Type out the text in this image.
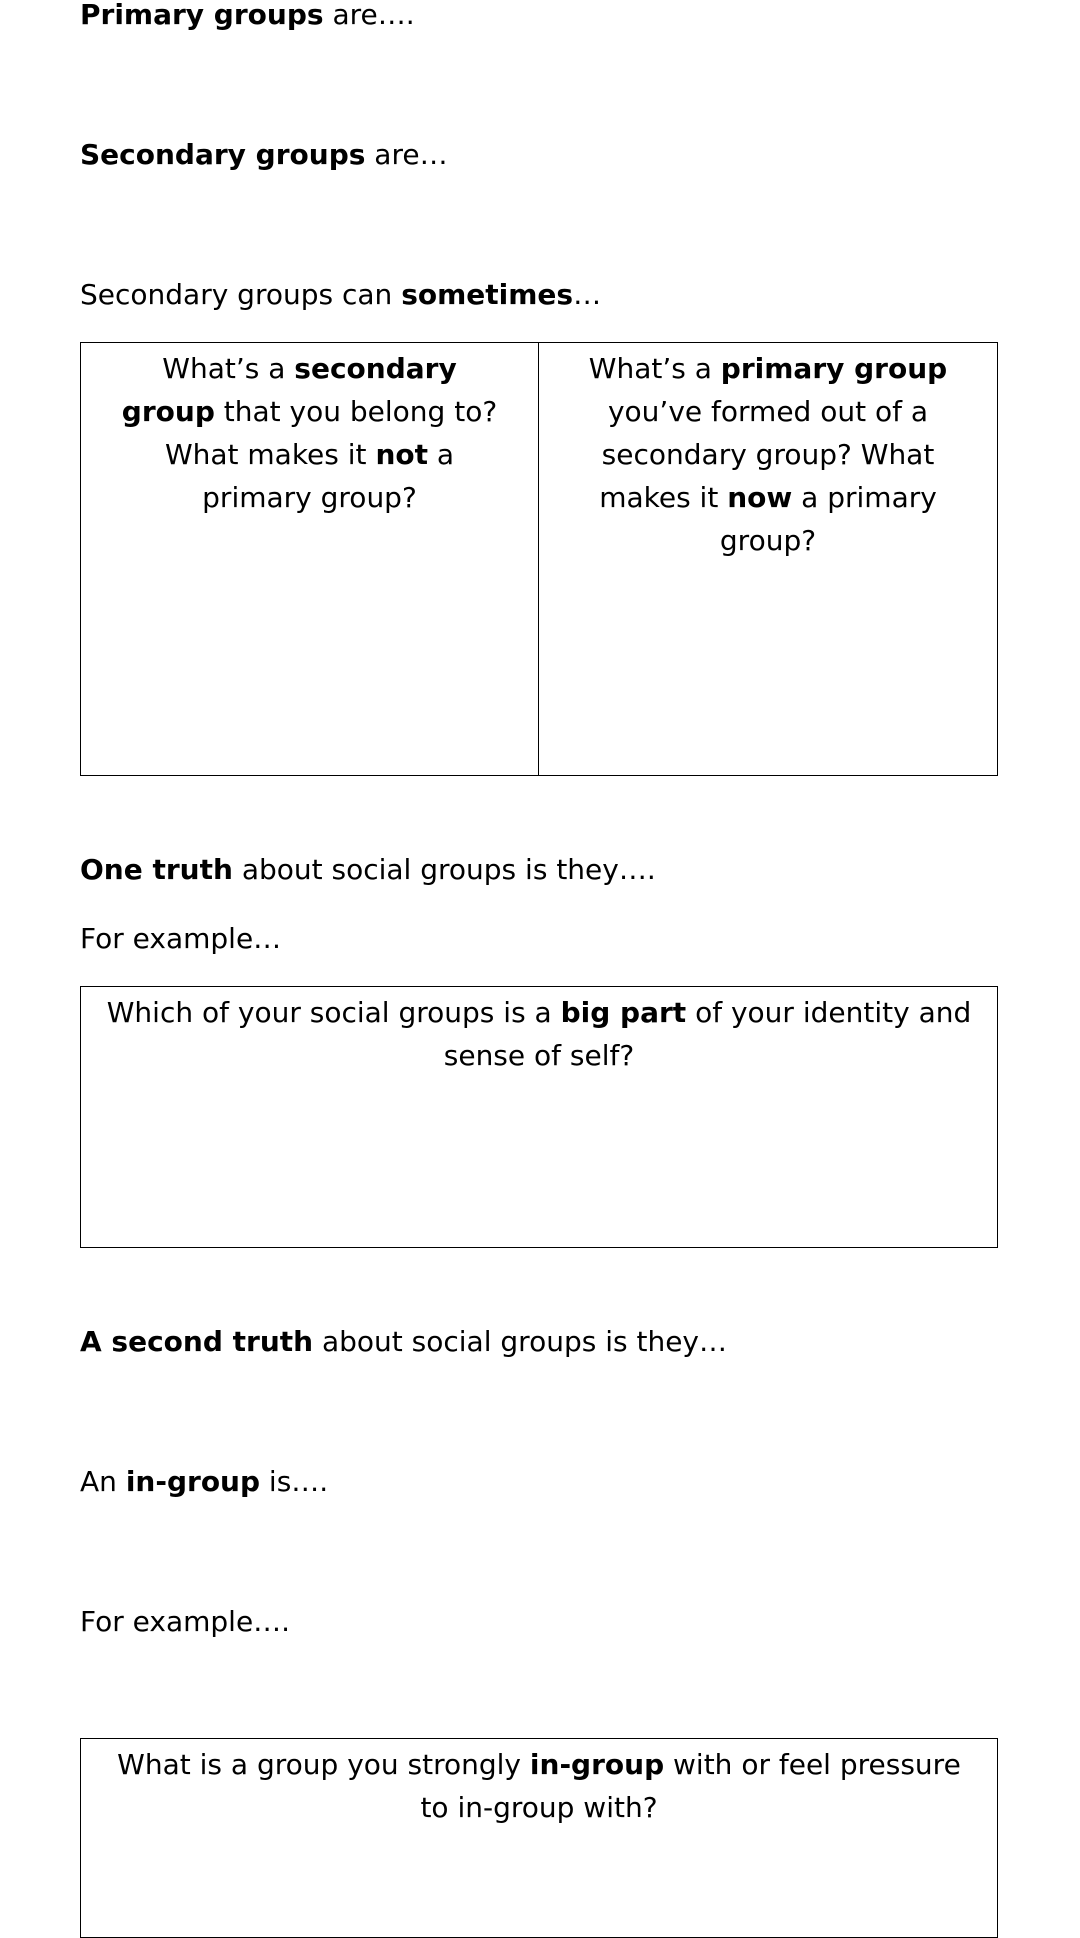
Primary groups are….
Secondary groups are…
Secondary groups can sometimes…
What’s a secondary group that you belong to? What makes it not a primary group?
What’s a primary group you’ve formed out of a secondary group? What makes it now a primary group?
One truth about social groups is they….
For example…
Which of your social groups is a big part of your identity and sense of self?
A second truth about social groups is they…
An in-group is….
For example….
What is a group you strongly in-group with or feel pressure to in-group with?
